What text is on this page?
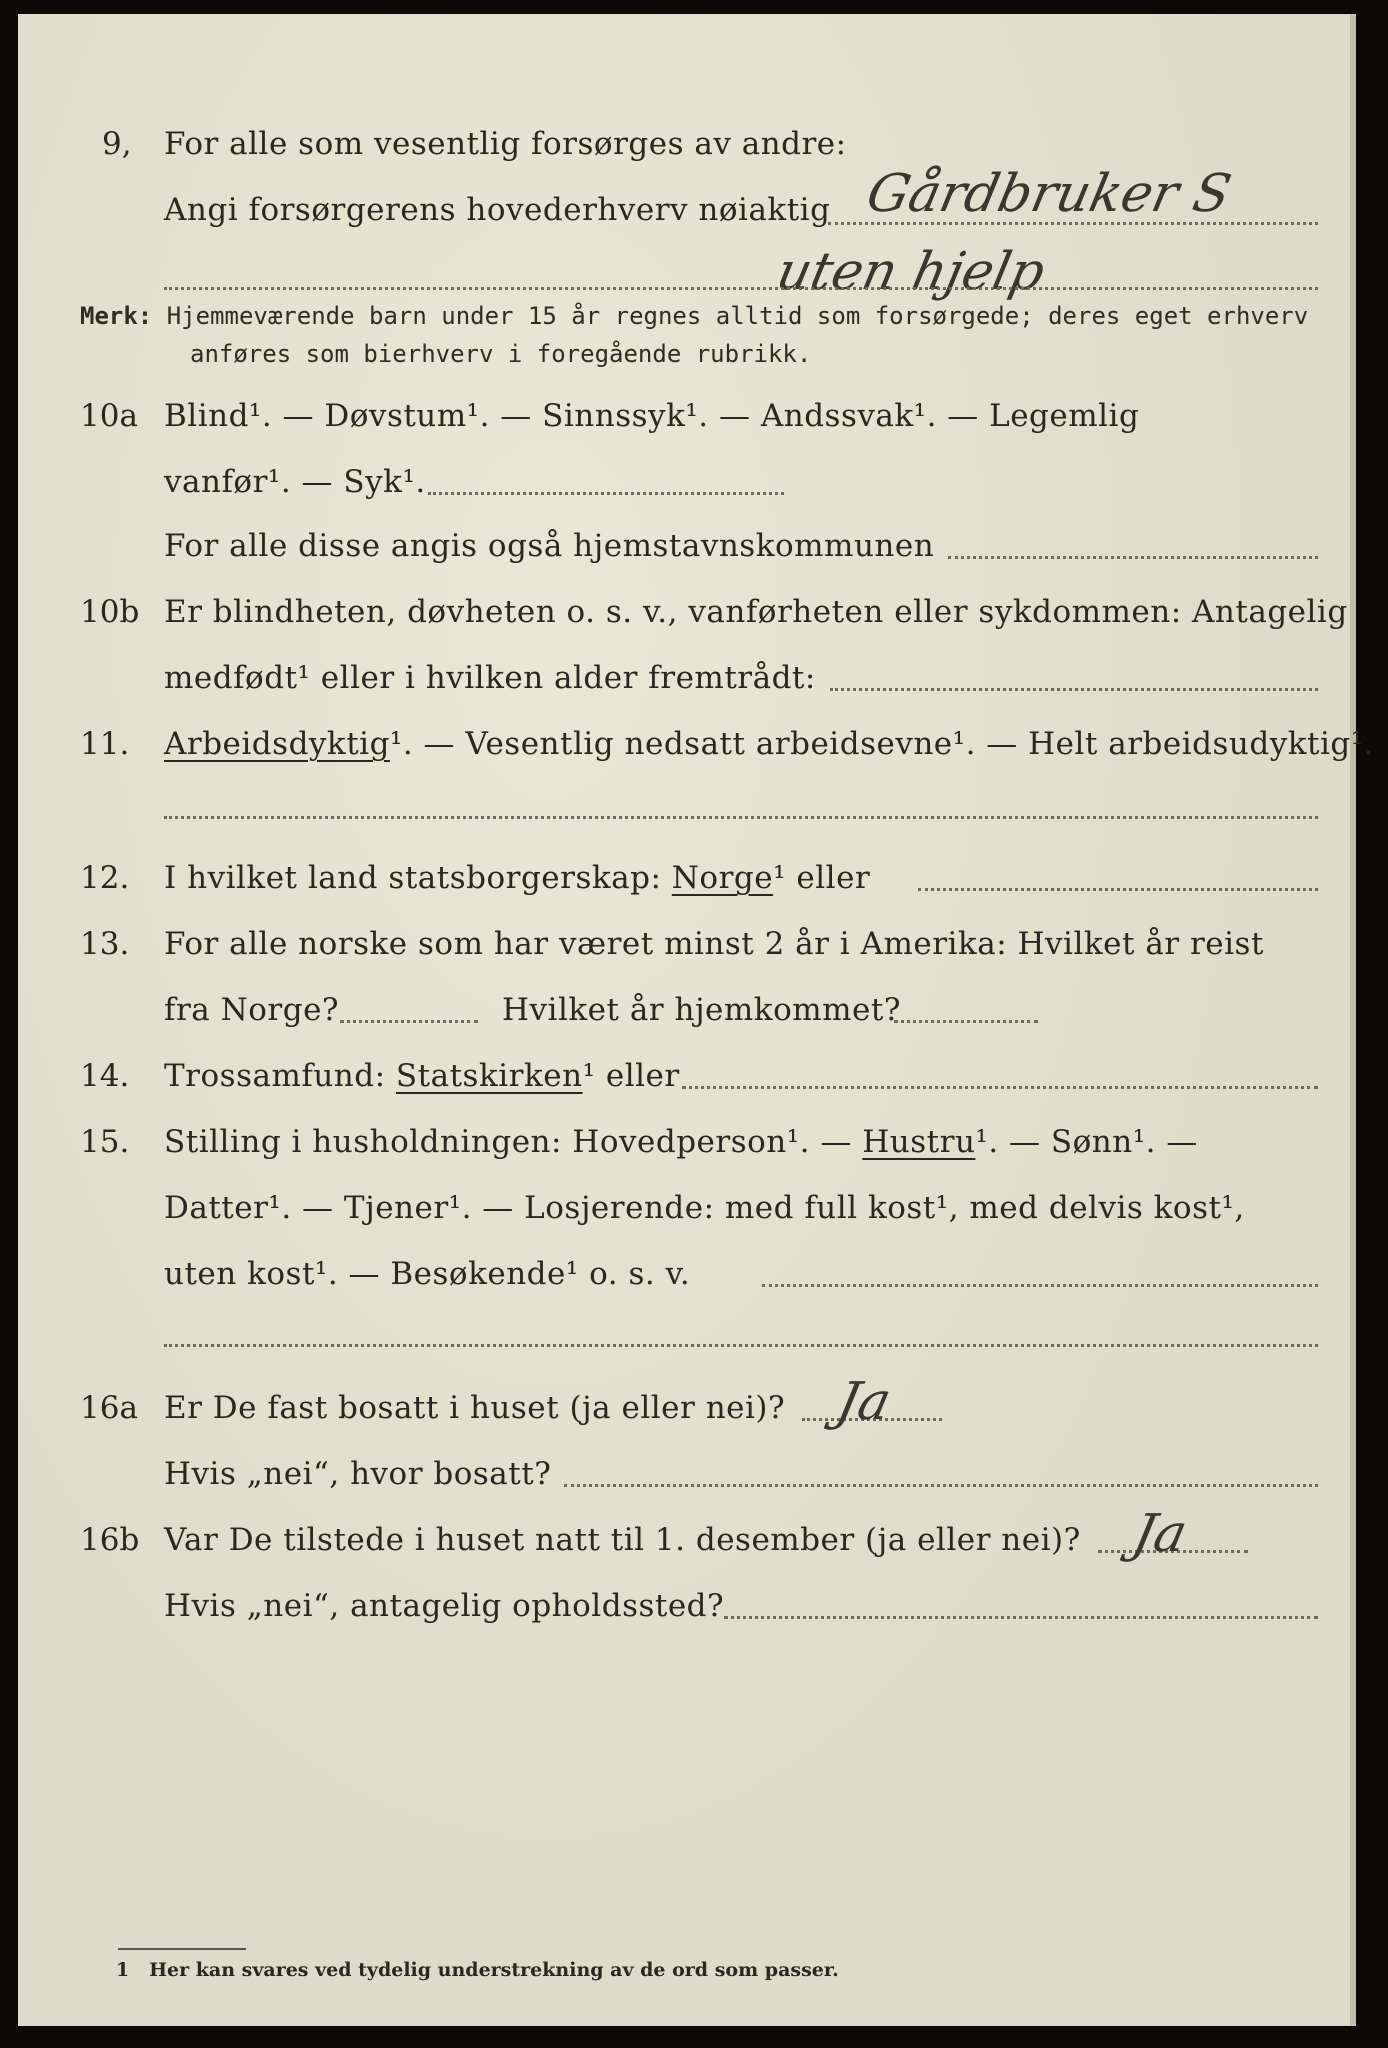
9, For alle som vesentlig forsørges av andre:
Angi forsørgerens hovederhverv nøiaktig Gårdbruker S
uten hjelp
Merk: Hjemmeværende barn under 15 år regnes alltid som forsørgede; deres eget erhverv
anføres som bierhverv i foregående rubrikk.
10a Blind¹. — Døvstum¹. — Sinnssyk¹. — Andssvak¹. — Legemlig
vanfør¹. — Syk¹.
For alle disse angis også hjemstavnskommunen
10b Er blindheten, døvheten o. s. v., vanførheten eller sykdommen: Antagelig
medfødt¹ eller i hvilken alder fremtrådt:
11. Arbeidsdyktig¹. — Vesentlig nedsatt arbeidsevne¹. — Helt arbeidsudyktig¹.
12. I hvilket land statsborgerskap: Norge¹ eller
13. For alle norske som har været minst 2 år i Amerika: Hvilket år reist
fra Norge?	Hvilket år hjemkommet?
14. Trossamfund: Statskirken¹ eller
15. Stilling i husholdningen: Hovedperson¹. — Hustru¹. — Sønn¹. —
Datter¹. — Tjener¹. — Losjerende: med full kost¹, med delvis kost¹,
uten kost¹. — Besøkende¹ o. s. v.
16a Er De fast bosatt i huset (ja eller nei)? Ja
Hvis „nei“, hvor bosatt?
16b Var De tilstede i huset natt til 1. desember (ja eller nei)? Ja
Hvis „nei“, antagelig opholdssted?
1 Her kan svares ved tydelig understrekning av de ord som passer.
